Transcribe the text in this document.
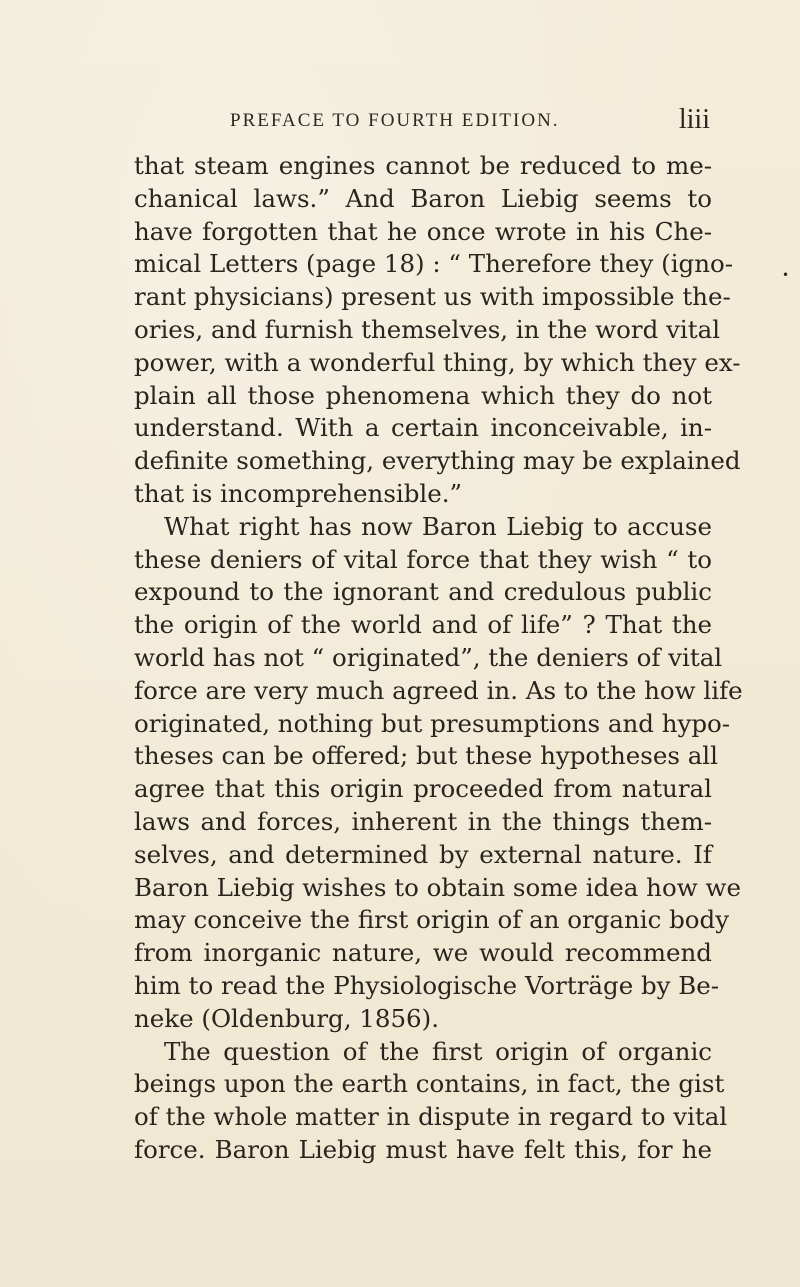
PREFACE TO FOURTH EDITION.	liii
•
that steam engines cannot be reduced to me-
chanical laws.” And Baron Liebig seems to
have forgotten that he once wrote in his Che-
mical Letters (page 18) : “ Therefore they (igno-
rant physicians) present us with impossible the-
ories, and furnish themselves, in the word vital
power, with a wonderful thing, by which they ex-
plain all those phenomena which they do not
understand. With a certain inconceivable, in-
definite something, everything may be explained
that is incomprehensible.”
What right has now Baron Liebig to accuse
these deniers of vital force that they wish “ to
expound to the ignorant and credulous public
the origin of the world and of life” ? That the
world has not “ originated”, the deniers of vital
force are very much agreed in. As to the how life
originated, nothing but presumptions and hypo-
theses can be offered; but these hypotheses all
agree that this origin proceeded from natural
laws and forces, inherent in the things them-
selves, and determined by external nature. If
Baron Liebig wishes to obtain some idea how we
may conceive the first origin of an organic body
from inorganic nature, we would recommend
him to read the Physiologische Vorträge by Be-
neke (Oldenburg, 1856).
The question of the first origin of organic
beings upon the earth contains, in fact, the gist
of the whole matter in dispute in regard to vital
force. Baron Liebig must have felt this, for he
